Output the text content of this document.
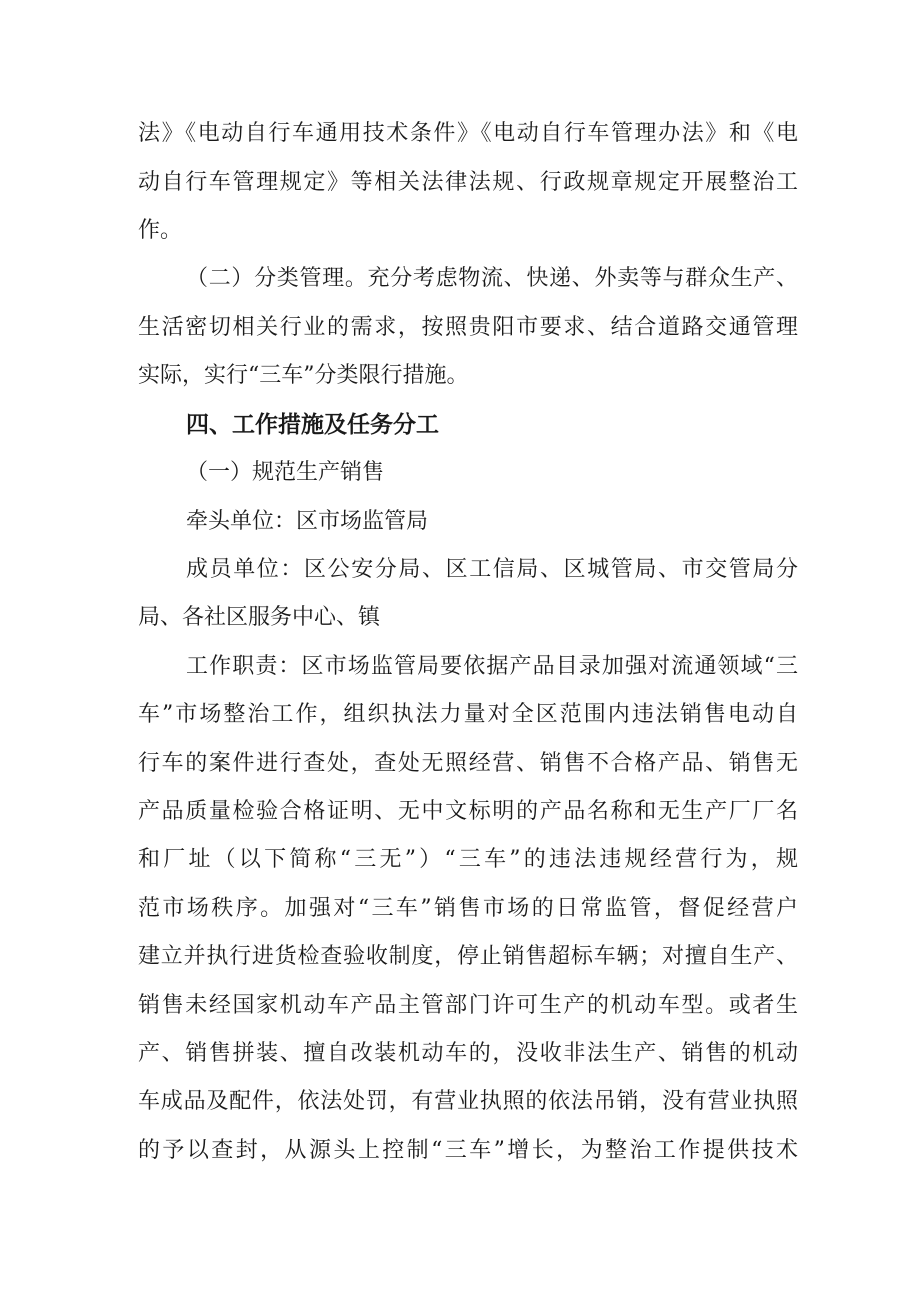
法》《电动自行车通用技术条件》《电动自行车管理办法》和《电
动自行车管理规定》等相关法律法规、行政规章规定开展整治工
作。
（二）分类管理。充分考虑物流、快递、外卖等与群众生产、
生活密切相关行业的需求，按照贵阳市要求、结合道路交通管理
实际，实行“三车”分类限行措施。
四、工作措施及任务分工
（一）规范生产销售
牵头单位：区市场监管局
成员单位：区公安分局、区工信局、区城管局、市交管局分
局、各社区服务中心、镇
工作职责：区市场监管局要依据产品目录加强对流通领域“三
车”市场整治工作，组织执法力量对全区范围内违法销售电动自
行车的案件进行查处，查处无照经营、销售不合格产品、销售无
产品质量检验合格证明、无中文标明的产品名称和无生产厂厂名
和厂址（以下简称“三无”）“三车”的违法违规经营行为，规
范市场秩序。加强对“三车”销售市场的日常监管，督促经营户
建立并执行进货检查验收制度，停止销售超标车辆；对擅自生产、
销售未经国家机动车产品主管部门许可生产的机动车型。或者生
产、销售拼装、擅自改装机动车的，没收非法生产、销售的机动
车成品及配件，依法处罚，有营业执照的依法吊销，没有营业执照
的予以查封，从源头上控制“三车”增长，为整治工作提供技术
